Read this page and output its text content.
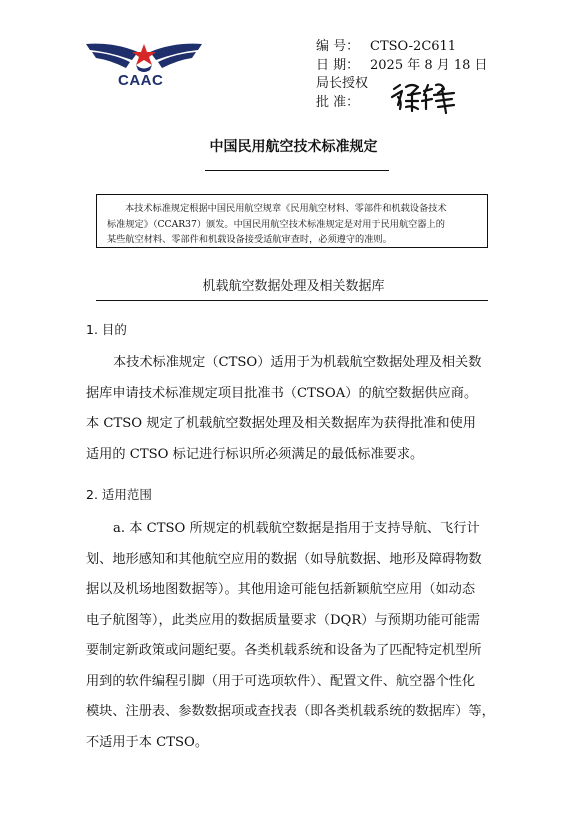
CAAC
编 号： CTSO-2C611
日 期： 2025 年 8 月 18 日
局长授权
批 准：
中国民用航空技术标准规定
本技术标准规定根据中国民用航空规章《民用航空材料、零部件和机载设备技术
标准规定》（CCAR37）颁发。中国民用航空技术标准规定是对用于民用航空器上的
某些航空材料、零部件和机载设备接受适航审查时，必须遵守的准则。
机载航空数据处理及相关数据库
1. 目的
本技术标准规定（CTSO）适用于为机载航空数据处理及相关数
据库申请技术标准规定项目批准书（CTSOA）的航空数据供应商。
本 CTSO 规定了机载航空数据处理及相关数据库为获得批准和使用
适用的 CTSO 标记进行标识所必须满足的最低标准要求。
2. 适用范围
a. 本 CTSO 所规定的机载航空数据是指用于支持导航、飞行计
划、地形感知和其他航空应用的数据（如导航数据、地形及障碍物数
据以及机场地图数据等）。其他用途可能包括新颖航空应用（如动态
电子航图等），此类应用的数据质量要求（DQR）与预期功能可能需
要制定新政策或问题纪要。各类机载系统和设备为了匹配特定机型所
用到的软件编程引脚（用于可选项软件）、配置文件、航空器个性化
模块、注册表、参数数据项或查找表（即各类机载系统的数据库）等，
不适用于本 CTSO。
